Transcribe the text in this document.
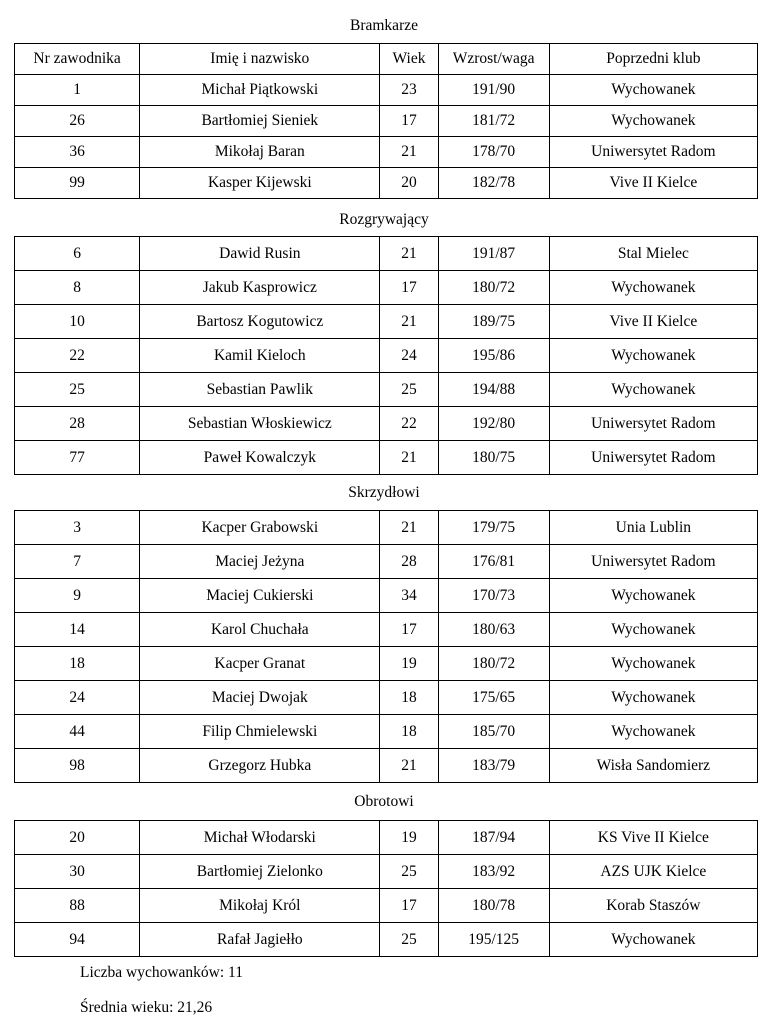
Bramkarze
Nr zawodnika	Imię i nazwisko	Wiek	Wzrost/waga	Poprzedni klub
1	Michał Piątkowski	23	191/90	Wychowanek
26	Bartłomiej Sieniek	17	181/72	Wychowanek
36	Mikołaj Baran	21	178/70	Uniwersytet Radom
99	Kasper Kijewski	20	182/78	Vive II Kielce
Rozgrywający
6	Dawid Rusin	21	191/87	Stal Mielec
8	Jakub Kasprowicz	17	180/72	Wychowanek
10	Bartosz Kogutowicz	21	189/75	Vive II Kielce
22	Kamil Kieloch	24	195/86	Wychowanek
25	Sebastian Pawlik	25	194/88	Wychowanek
28	Sebastian Włoskiewicz	22	192/80	Uniwersytet Radom
77	Paweł Kowalczyk	21	180/75	Uniwersytet Radom
Skrzydłowi
3	Kacper Grabowski	21	179/75	Unia Lublin
7	Maciej Jeżyna	28	176/81	Uniwersytet Radom
9	Maciej Cukierski	34	170/73	Wychowanek
14	Karol Chuchała	17	180/63	Wychowanek
18	Kacper Granat	19	180/72	Wychowanek
24	Maciej Dwojak	18	175/65	Wychowanek
44	Filip Chmielewski	18	185/70	Wychowanek
98	Grzegorz Hubka	21	183/79	Wisła Sandomierz
Obrotowi
20	Michał Włodarski	19	187/94	KS Vive II Kielce
30	Bartłomiej Zielonko	25	183/92	AZS UJK Kielce
88	Mikołaj Król	17	180/78	Korab Staszów
94	Rafał Jagiełło	25	195/125	Wychowanek
Liczba wychowanków: 11
Średnia wieku: 21,26
